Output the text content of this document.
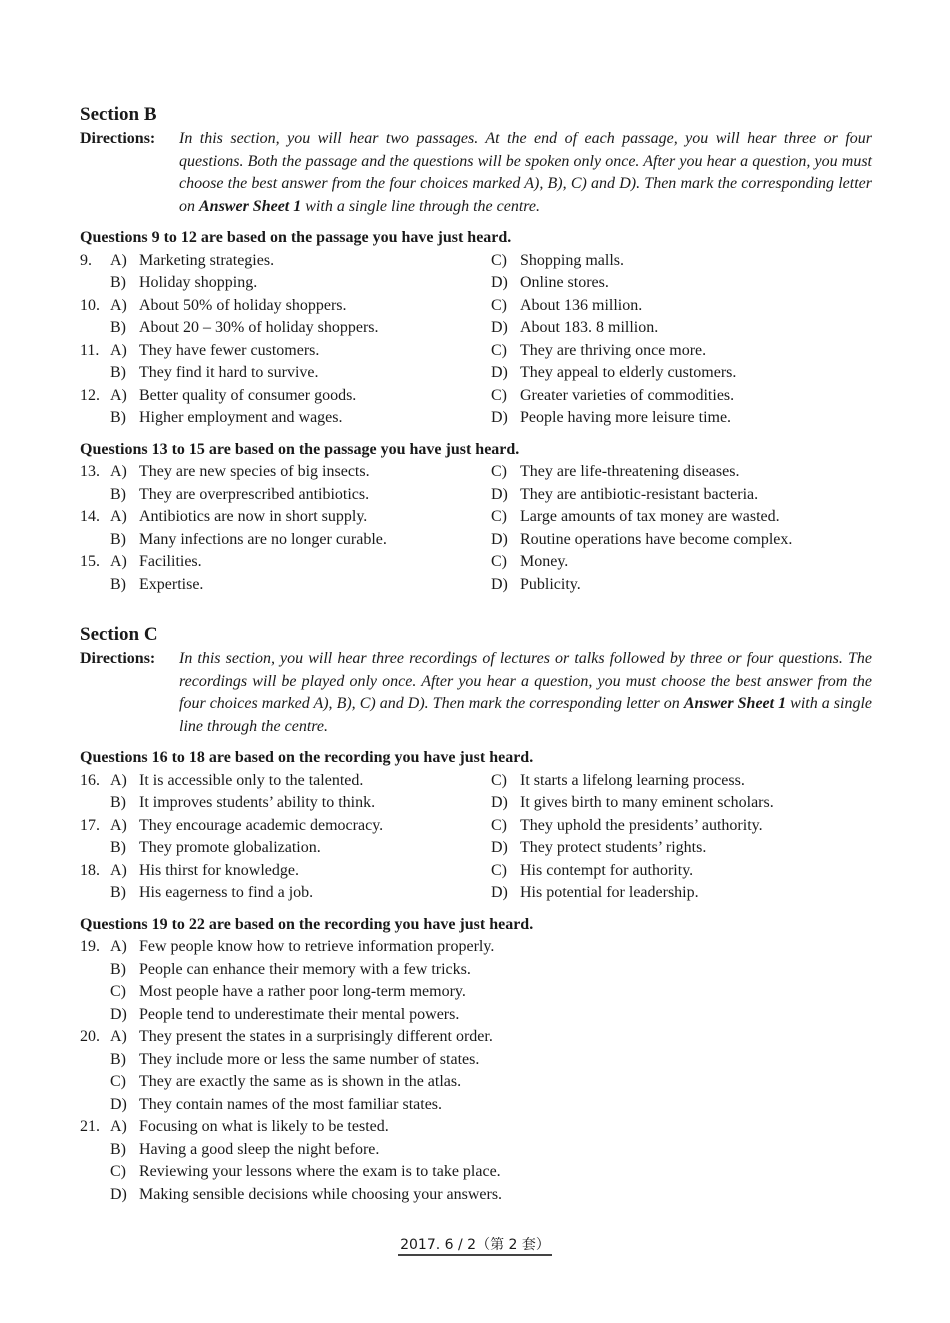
Section B
Directions:	In this section, you will hear two passages. At the end of each passage, you will hear three or four questions. Both the passage and the questions will be spoken only once. After you hear a question, you must choose the best answer from the four choices marked A), B), C) and D). Then mark the corresponding letter on Answer Sheet 1 with a single line through the centre.
Questions 9 to 12 are based on the passage you have just heard.
9.	A) Marketing strategies.	C) Shopping malls.
B) Holiday shopping.	D) Online stores.
10. A) About 50% of holiday shoppers.	C) About 136 million.
B) About 20 – 30% of holiday shoppers.	D) About 183. 8 million.
11. A) They have fewer customers.	C) They are thriving once more.
B) They find it hard to survive.	D) They appeal to elderly customers.
12. A) Better quality of consumer goods.	C) Greater varieties of commodities.
B) Higher employment and wages.	D) People having more leisure time.
Questions 13 to 15 are based on the passage you have just heard.
13. A) They are new species of big insects.	C) They are life-threatening diseases.
B) They are overprescribed antibiotics.	D) They are antibiotic-resistant bacteria.
14. A) Antibiotics are now in short supply.	C) Large amounts of tax money are wasted.
B) Many infections are no longer curable.	D) Routine operations have become complex.
15. A) Facilities.	C) Money.
B) Expertise.	D) Publicity.
Section C
Directions:	In this section, you will hear three recordings of lectures or talks followed by three or four questions. The recordings will be played only once. After you hear a question, you must choose the best answer from the four choices marked A), B), C) and D). Then mark the corresponding letter on Answer Sheet 1 with a single line through the centre.
Questions 16 to 18 are based on the recording you have just heard.
16. A) It is accessible only to the talented.	C) It starts a lifelong learning process.
B) It improves students’ ability to think.	D) It gives birth to many eminent scholars.
17. A) They encourage academic democracy.	C) They uphold the presidents’ authority.
B) They promote globalization.	D) They protect students’ rights.
18. A) His thirst for knowledge.	C) His contempt for authority.
B) His eagerness to find a job.	D) His potential for leadership.
Questions 19 to 22 are based on the recording you have just heard.
19. A) Few people know how to retrieve information properly.
B) People can enhance their memory with a few tricks.
C) Most people have a rather poor long-term memory.
D) People tend to underestimate their mental powers.
20. A) They present the states in a surprisingly different order.
B) They include more or less the same number of states.
C) They are exactly the same as is shown in the atlas.
D) They contain names of the most familiar states.
21. A) Focusing on what is likely to be tested.
B) Having a good sleep the night before.
C) Reviewing your lessons where the exam is to take place.
D) Making sensible decisions while choosing your answers.
2017. 6 / 2（第 2 套）
